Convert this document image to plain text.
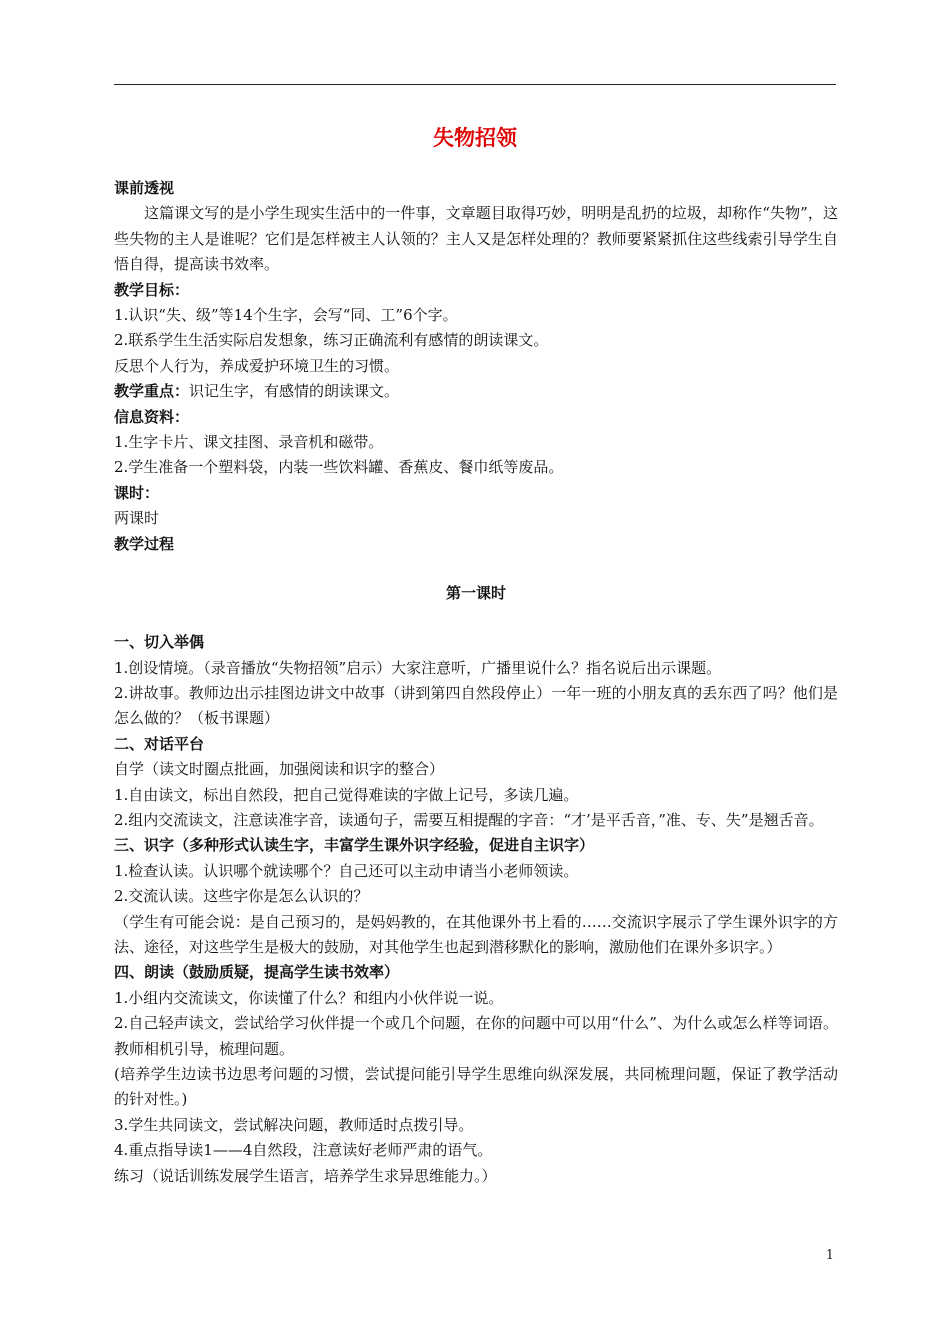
失物招领
课前透视
这篇课文写的是小学生现实生活中的一件事，文章题目取得巧妙，明明是乱扔的垃圾，却称作“失物”，这些失物的主人是谁呢？它们是怎样被主人认领的？主人又是怎样处理的？教师要紧紧抓住这些线索引导学生自悟自得，提高读书效率。
教学目标：
1.认识“失、级”等14个生字，会写“同、工”6个字。
2.联系学生生活实际启发想象，练习正确流利有感情的朗读课文。
反思个人行为，养成爱护环境卫生的习惯。
教学重点：识记生字，有感情的朗读课文。
信息资料：
1.生字卡片、课文挂图、录音机和磁带。
2.学生准备一个塑料袋，内装一些饮料罐、香蕉皮、餐巾纸等废品。
课时：
两课时
教学过程
第一课时
一、切入举偶
1.创设情境。（录音播放“失物招领”启示）大家注意听，广播里说什么？指名说后出示课题。
2.讲故事。教师边出示挂图边讲文中故事（讲到第四自然段停止）一年一班的小朋友真的丢东西了吗？他们是怎么做的？（板书课题）
二、对话平台
自学（读文时圈点批画，加强阅读和识字的整合）
1.自由读文，标出自然段，把自己觉得难读的字做上记号，多读几遍。
2.组内交流读文，注意读准字音，读通句子，需要互相提醒的字音：“才’是平舌音，”准、专、失”是翘舌音。
三、识字（多种形式认读生字，丰富学生课外识字经验，促进自主识字）
1.检查认读。认识哪个就读哪个？自己还可以主动申请当小老师领读。
2.交流认读。这些字你是怎么认识的？
（学生有可能会说：是自己预习的，是妈妈教的，在其他课外书上看的……交流识字展示了学生课外识字的方法、途径，对这些学生是极大的鼓励，对其他学生也起到潜移默化的影响，激励他们在课外多识字。）
四、朗读（鼓励质疑，提高学生读书效率）
1.小组内交流读文，你读懂了什么？和组内小伙伴说一说。
2.自己轻声读文，尝试给学习伙伴提一个或几个问题，在你的问题中可以用“什么”、为什么或怎么样等词语。教师相机引导，梳理问题。
(培养学生边读书边思考问题的习惯，尝试提问能引导学生思维向纵深发展，共同梳理问题，保证了教学活动的针对性。)
3.学生共同读文，尝试解决问题，教师适时点拨引导。
4.重点指导读1——4自然段，注意读好老师严肃的语气。
练习（说话训练发展学生语言，培养学生求异思维能力。）
1
